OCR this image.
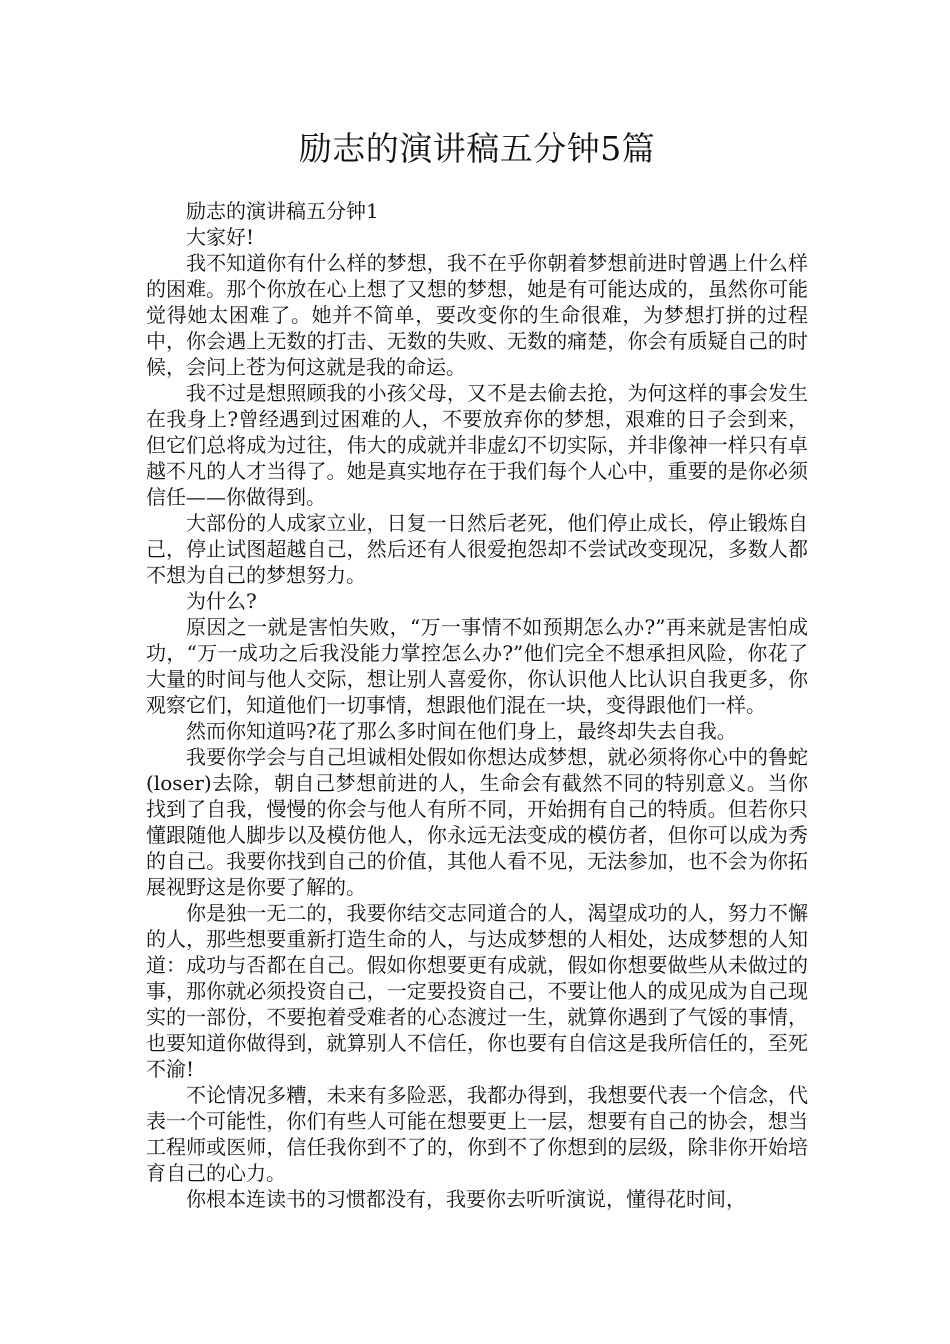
励志的演讲稿五分钟5篇

励志的演讲稿五分钟1

大家好!

我不知道你有什么样的梦想，我不在乎你朝着梦想前进时曾遇上什么样的困难。那个你放在心上想了又想的梦想，她是有可能达成的，虽然你可能觉得她太困难了。她并不简单，要改变你的生命很难，为梦想打拼的过程中，你会遇上无数的打击、无数的失败、无数的痛楚，你会有质疑自己的时候，会问上苍为何这就是我的命运。

我不过是想照顾我的小孩父母，又不是去偷去抢，为何这样的事会发生在我身上?曾经遇到过困难的人，不要放弃你的梦想，艰难的日子会到来，但它们总将成为过往，伟大的成就并非虚幻不切实际，并非像神一样只有卓越不凡的人才当得了。她是真实地存在于我们每个人心中，重要的是你必须信任——你做得到。

大部份的人成家立业，日复一日然后老死，他们停止成长，停止锻炼自己，停止试图超越自己，然后还有人很爱抱怨却不尝试改变现况，多数人都不想为自己的梦想努力。

为什么?

原因之一就是害怕失败，“万一事情不如预期怎么办?”再来就是害怕成功，“万一成功之后我没能力掌控怎么办?”他们完全不想承担风险，你花了大量的时间与他人交际，想让别人喜爱你，你认识他人比认识自我更多，你观察它们，知道他们一切事情，想跟他们混在一块，变得跟他们一样。

然而你知道吗?花了那么多时间在他们身上，最终却失去自我。

我要你学会与自己坦诚相处假如你想达成梦想，就必须将你心中的鲁蛇(loser)去除，朝自己梦想前进的人，生命会有截然不同的特别意义。当你找到了自我，慢慢的你会与他人有所不同，开始拥有自己的特质。但若你只懂跟随他人脚步以及模仿他人，你永远无法变成的模仿者，但你可以成为秀的自己。我要你找到自己的价值，其他人看不见，无法参加，也不会为你拓展视野这是你要了解的。

你是独一无二的，我要你结交志同道合的人，渴望成功的人，努力不懈的人，那些想要重新打造生命的人，与达成梦想的人相处，达成梦想的人知道：成功与否都在自己。假如你想要更有成就，假如你想要做些从未做过的事，那你就必须投资自己，一定要投资自己，不要让他人的成见成为自己现实的一部份，不要抱着受难者的心态渡过一生，就算你遇到了气馁的事情，也要知道你做得到，就算别人不信任，你也要有自信这是我所信任的，至死不渝!

不论情况多糟，未来有多险恶，我都办得到，我想要代表一个信念，代表一个可能性，你们有些人可能在想要更上一层，想要有自己的协会，想当工程师或医师，信任我你到不了的，你到不了你想到的层级，除非你开始培育自己的心力。

你根本连读书的习惯都没有，我要你去听听演说，懂得花时间，
